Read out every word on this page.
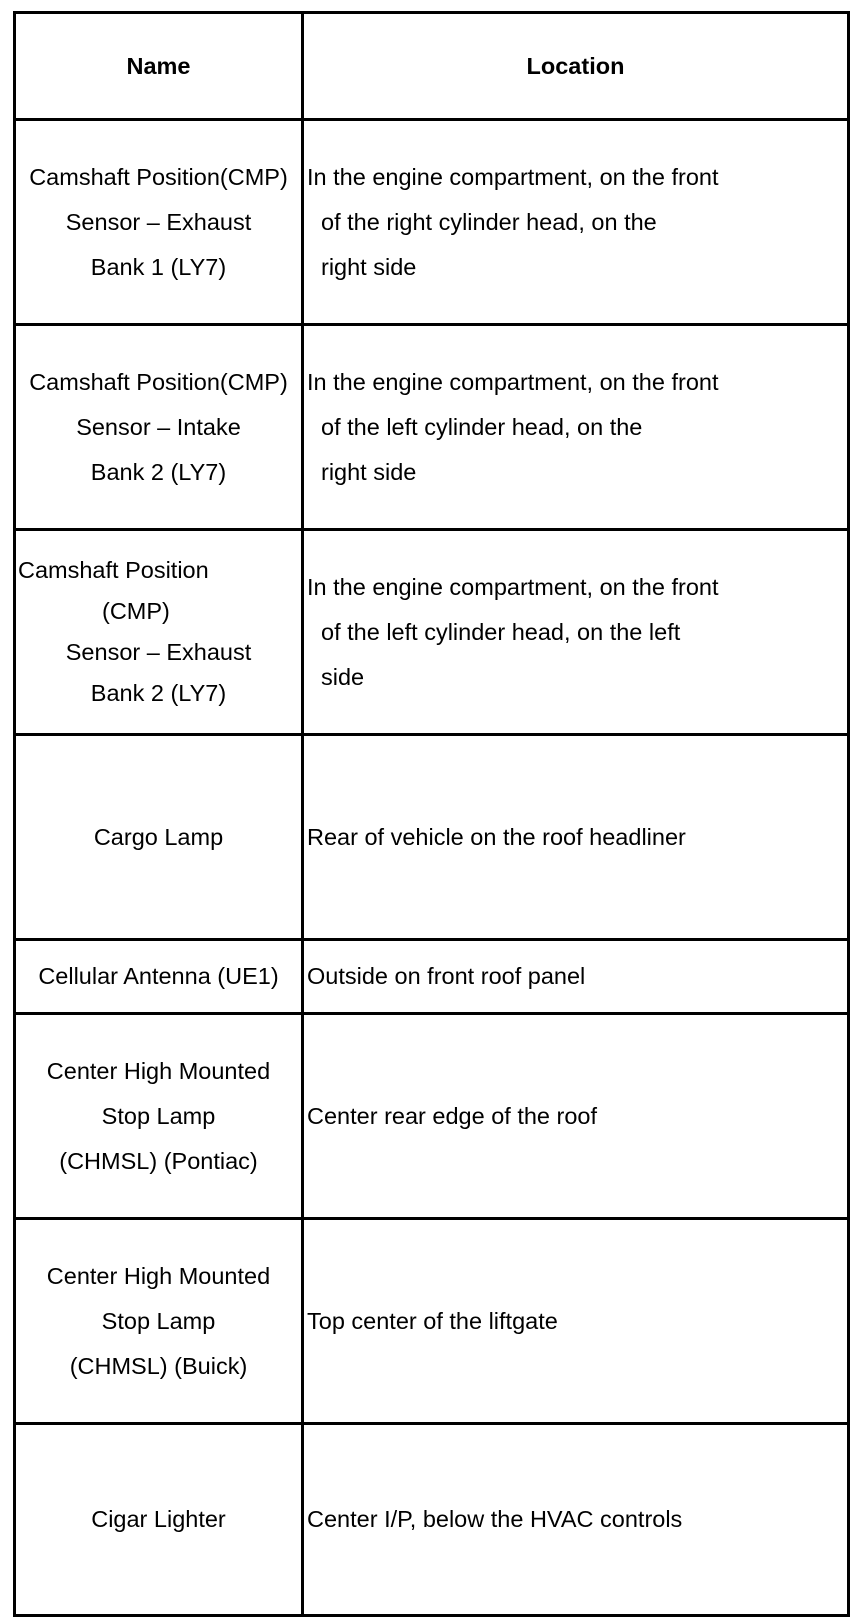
Name	Location

Camshaft Position(CMP)
Sensor – Exhaust
Bank 1 (LY7)	In the engine compartment, on the front
of the right cylinder head, on the
right side

Camshaft Position(CMP)
Sensor – Intake
Bank 2 (LY7)	In the engine compartment, on the front
of the left cylinder head, on the
right side

Camshaft Position
(CMP)
Sensor – Exhaust
Bank 2 (LY7)	In the engine compartment, on the front
of the left cylinder head, on the left
side

Cargo Lamp	Rear of vehicle on the roof headliner

Cellular Antenna (UE1)	Outside on front roof panel

Center High Mounted
Stop Lamp
(CHMSL) (Pontiac)	Center rear edge of the roof

Center High Mounted
Stop Lamp
(CHMSL) (Buick)	Top center of the liftgate

Cigar Lighter	Center I/P, below the HVAC controls
